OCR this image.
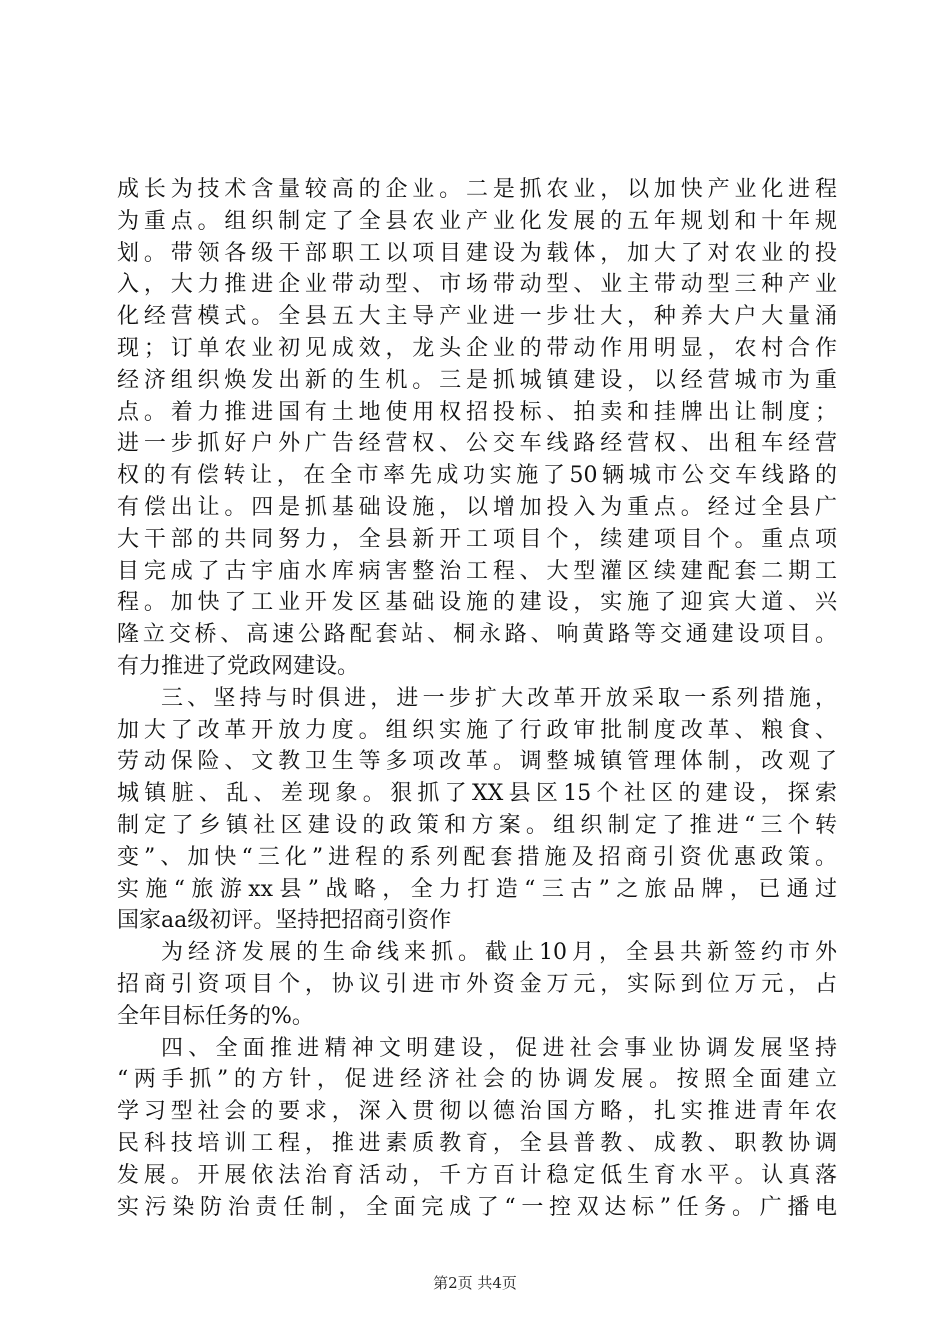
成长为技术含量较高的企业。二是抓农业，以加快产业化进程
为重点。组织制定了全县农业产业化发展的五年规划和十年规
划。带领各级干部职工以项目建设为载体，加大了对农业的投
入，大力推进企业带动型、市场带动型、业主带动型三种产业
化经营模式。全县五大主导产业进一步壮大，种养大户大量涌
现；订单农业初见成效，龙头企业的带动作用明显，农村合作
经济组织焕发出新的生机。三是抓城镇建设，以经营城市为重
点。着力推进国有土地使用权招投标、拍卖和挂牌出让制度；
进一步抓好户外广告经营权、公交车线路经营权、出租车经营
权的有偿转让，在全市率先成功实施了50辆城市公交车线路的
有偿出让。四是抓基础设施，以增加投入为重点。经过全县广
大干部的共同努力，全县新开工项目个，续建项目个。重点项
目完成了古宇庙水库病害整治工程、大型灌区续建配套二期工
程。加快了工业开发区基础设施的建设，实施了迎宾大道、兴
隆立交桥、高速公路配套站、桐永路、响黄路等交通建设项目。
有力推进了党政网建设。
三、坚持与时俱进，进一步扩大改革开放采取一系列措施，
加大了改革开放力度。组织实施了行政审批制度改革、粮食、
劳动保险、文教卫生等多项改革。调整城镇管理体制，改观了
城镇脏、乱、差现象。狠抓了XX县区15个社区的建设，探索
制定了乡镇社区建设的政策和方案。组织制定了推进“三个转
变”、加快“三化”进程的系列配套措施及招商引资优惠政策。
实施“旅游xx县”战略，全力打造“三古”之旅品牌，已通过
国家aa级初评。坚持把招商引资作
为经济发展的生命线来抓。截止10月，全县共新签约市外
招商引资项目个，协议引进市外资金万元，实际到位万元，占
全年目标任务的%。
四、全面推进精神文明建设，促进社会事业协调发展坚持
“两手抓”的方针，促进经济社会的协调发展。按照全面建立
学习型社会的要求，深入贯彻以德治国方略，扎实推进青年农
民科技培训工程，推进素质教育，全县普教、成教、职教协调
发展。开展依法治育活动，千方百计稳定低生育水平。认真落
实污染防治责任制，全面完成了“一控双达标”任务。广播电
第2页 共4页
